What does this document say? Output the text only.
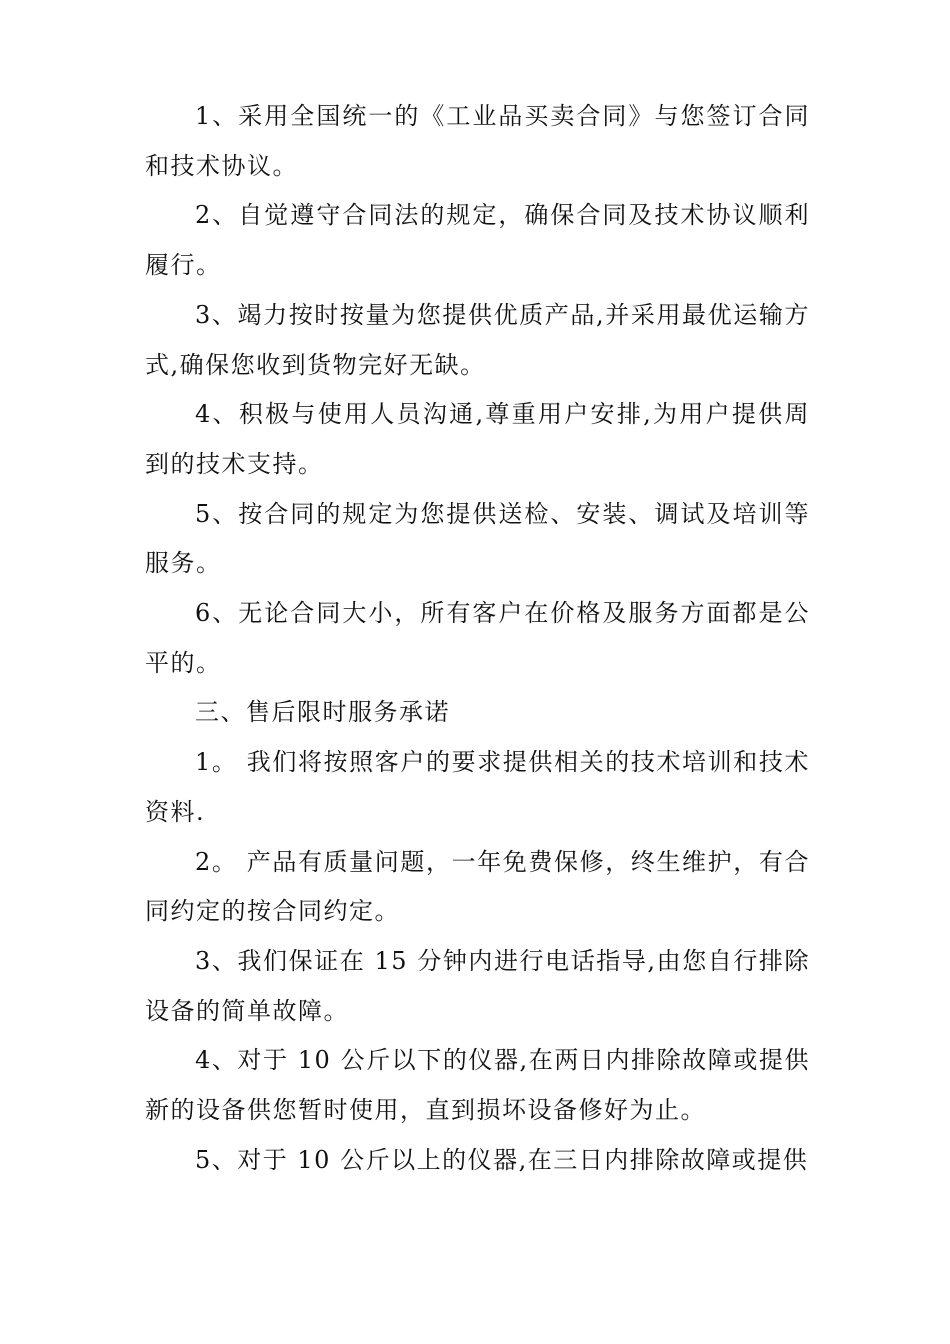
1、采用全国统一的《工业品买卖合同》与您签订合同和技术协议。

2、自觉遵守合同法的规定，确保合同及技术协议顺利履行。

3、竭力按时按量为您提供优质产品,并采用最优运输方式,确保您收到货物完好无缺。

4、积极与使用人员沟通,尊重用户安排,为用户提供周到的技术支持。

5、按合同的规定为您提供送检、安装、调试及培训等服务。

6、无论合同大小，所有客户在价格及服务方面都是公平的。

三、售后限时服务承诺

1。 我们将按照客户的要求提供相关的技术培训和技术资料.

2。 产品有质量问题，一年免费保修，终生维护，有合同约定的按合同约定。

3、我们保证在 15 分钟内进行电话指导,由您自行排除设备的简单故障。

4、对于 10 公斤以下的仪器,在两日内排除故障或提供新的设备供您暂时使用，直到损坏设备修好为止。

5、对于 10 公斤以上的仪器,在三日内排除故障或提供
